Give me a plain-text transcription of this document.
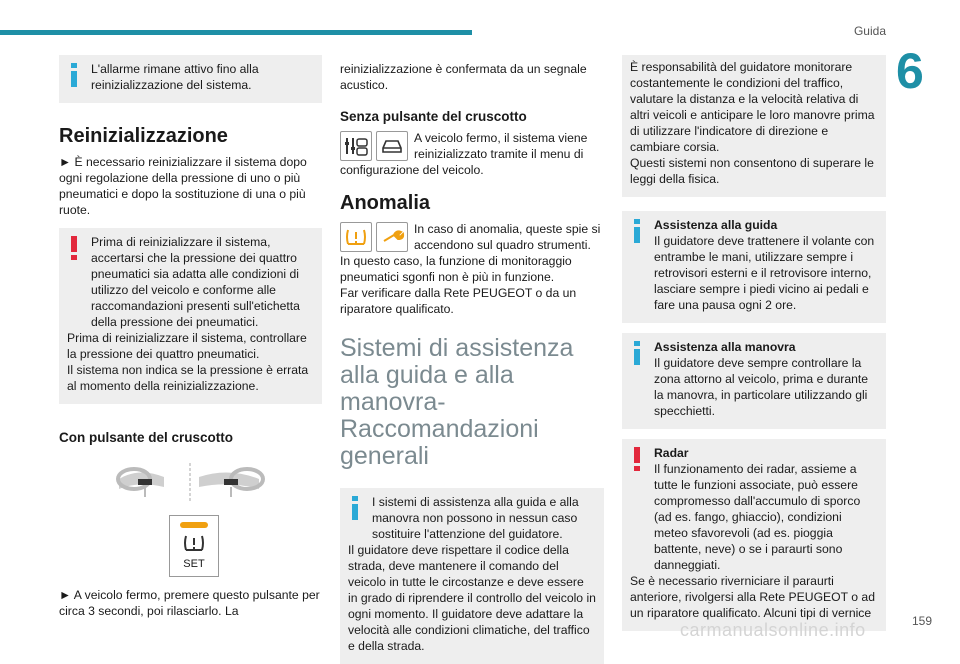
Guida
6
L'allarme rimane attivo fino alla reinizializzazione del sistema.
Reinizializzazione

► È necessario reinizializzare il sistema dopo ogni regolazione della pressione di uno o più pneumatici e dopo la sostituzione di una o più ruote.

Prima di reinizializzare il sistema, accertarsi che la pressione dei quattro pneumatici sia adatta alle condizioni di utilizzo del veicolo e conforme alle raccomandazioni presenti sull'etichetta della pressione dei pneumatici.
Prima di reinizializzare il sistema, controllare la pressione dei quattro pneumatici.
Il sistema non indica se la pressione è errata al momento della reinizializzazione.
Con pulsante del cruscotto
SET

► A veicolo fermo, premere questo pulsante per circa 3 secondi, poi rilasciarlo. La

reinizializzazione è confermata da un segnale acustico.

Senza pulsante del cruscotto

A veicolo fermo, il sistema viene reinizializzato tramite il menu di configurazione del veicolo.

Anomalia

In caso di anomalia, queste spie si accendono sul quadro strumenti.

In questo caso, la funzione di monitoraggio pneumatici sgonfi non è più in funzione.

Far verificare dalla Rete PEUGEOT o da un riparatore qualificato.

Sistemi di assistenza alla guida e alla manovra- Raccomandazioni generali
I sistemi di assistenza alla guida e alla manovra non possono in nessun caso sostituire l'attenzione del guidatore.
Il guidatore deve rispettare il codice della strada, deve mantenere il comando del veicolo in tutte le circostanze e deve essere in grado di riprendere il controllo del veicolo in ogni momento. Il guidatore deve adattare la velocità alle condizioni climatiche, del traffico e della strada.
È responsabilità del guidatore monitorare costantemente le condizioni del traffico, valutare la distanza e la velocità relativa di altri veicoli e anticipare le loro manovre prima di utilizzare l'indicatore di direzione e cambiare corsia.
Questi sistemi non consentono di superare le leggi della fisica.
Assistenza alla guida
Il guidatore deve trattenere il volante con entrambe le mani, utilizzare sempre i retrovisori esterni e il retrovisore interno, lasciare sempre i piedi vicino ai pedali e fare una pausa ogni 2 ore.
Assistenza alla manovra
Il guidatore deve sempre controllare la zona attorno al veicolo, prima e durante la manovra, in particolare utilizzando gli specchietti.
Radar
Il funzionamento dei radar, assieme a tutte le funzioni associate, può essere compromesso dall'accumulo di sporco (ad es. fango, ghiaccio), condizioni meteo sfavorevoli (ad es. pioggia battente, neve) o se i paraurti sono danneggiati.
Se è necessario riverniciare il paraurti anteriore, rivolgersi alla Rete PEUGEOT o ad un riparatore qualificato. Alcuni tipi di vernice
159
carmanualsonline.info
